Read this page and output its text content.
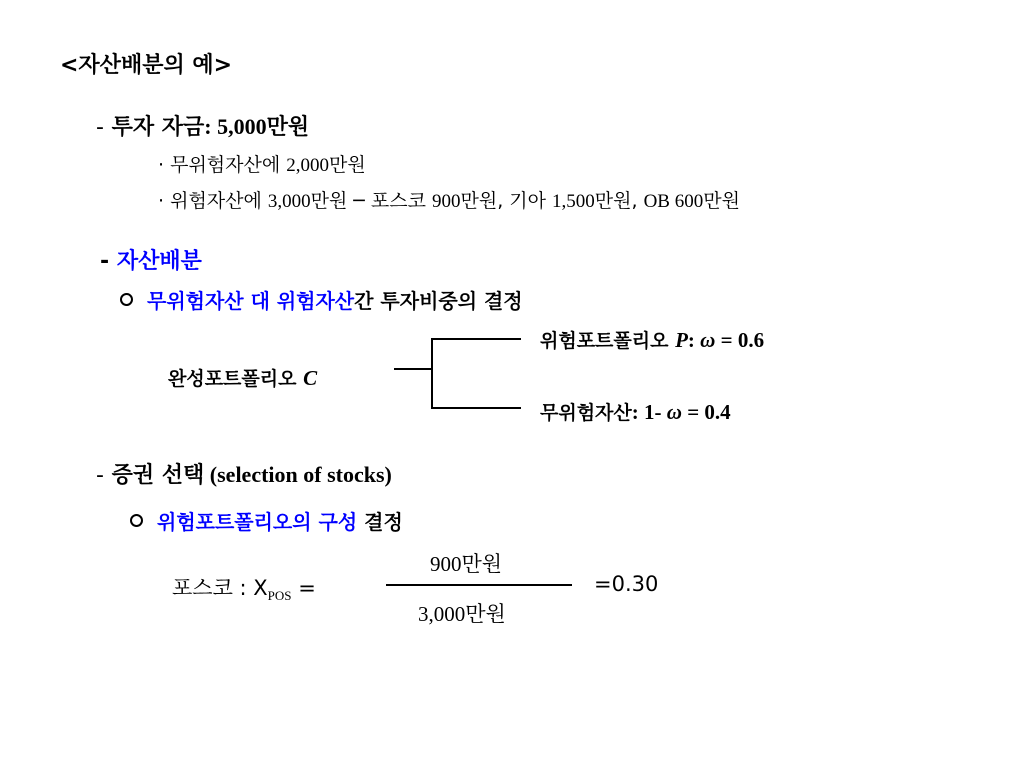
<자산배분의 예>
- 투자 자금: 5,000만원
· 무위험자산에 2,000만원
· 위험자산에 3,000만원 ─ 포스코 900만원, 기아 1,500만원, OB 600만원
- 자산배분
무위험자산 대 위험자산간 투자비중의 결정
완성포트폴리오 C
위험포트폴리오 P: ω = 0.6
무위험자산: 1- ω = 0.4
- 증권 선택 (selection of stocks)
위험포트폴리오의 구성 결정
포스코 : $X_{POS}$ =
900만원
3,000만원
=0.30
